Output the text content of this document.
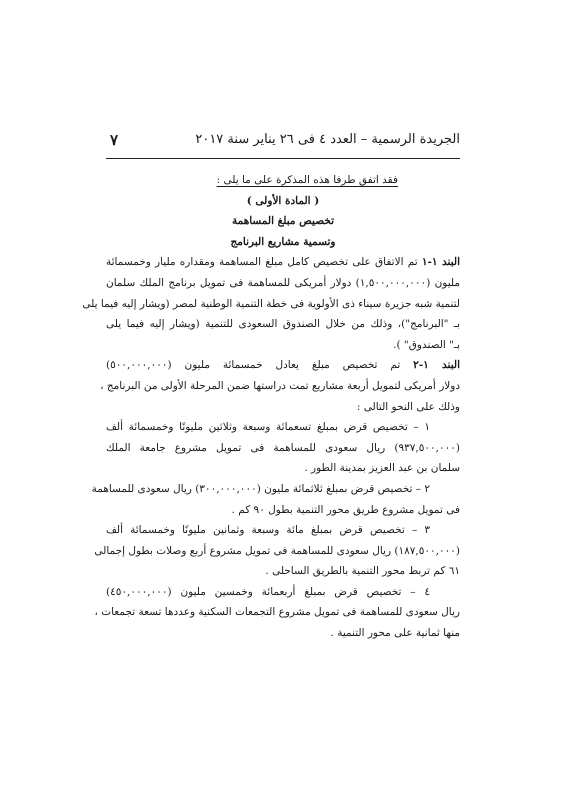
الجريدة الرسمية – العدد ٤ فى ٢٦ يناير سنة ٢٠١٧
٧
فقد اتفق طرفا هذه المذكرة على ما يلى :
( المادة الأولى )
تخصيص مبلغ المساهمة
وتسمية مشاريع البرنامج
البند ١-١ تم الاتفاق على تخصيص كامل مبلغ المساهمة ومقداره مليار وخمسمائة
مليون (١,٥٠٠,٠٠٠,٠٠٠) دولار أمريكى للمساهمة فى تمويل برنامج الملك سلمان
لتنمية شبه جزيرة سيناء ذى الأولوية فى خطة التنمية الوطنية لمصر (ويشار إليه فيما يلى
بـ "البرنامج")، وذلك من خلال الصندوق السعودى للتنمية (ويشار إليه فيما يلى
بـ" الصندوق" ).
البند ١-٢ تم تخصيص مبلغ يعادل خمسمائة مليون (٥٠٠,٠٠٠,٠٠٠)
دولار أمريكى لتمويل أربعة مشاريع تمت دراستها ضمن المرحلة الأولى من البرنامج ،
وذلك على النحو التالى :
١ – تخصيص قرض بمبلغ تسعمائة وسبعة وثلاثين مليونًا وخمسمائة ألف
(٩٣٧,٥٠٠,٠٠٠) ريال سعودى للمساهمة فى تمويل مشروع جامعة الملك
سلمان بن عبد العزيز بمدينة الطور .
٢ – تخصيص قرض بمبلغ ثلاثمائة مليون (٣٠٠,٠٠٠,٠٠٠) ريال سعودى للمساهمة
فى تمويل مشروع طريق محور التنمية بطول ٩٠ كم .
٣ – تخصيص قرض بمبلغ مائة وسبعة وثمانين مليونًا وخمسمائة ألف
(١٨٧,٥٠٠,٠٠٠) ريال سعودى للمساهمة فى تمويل مشروع أربع وصلات بطول إجمالى
٦١ كم تربط محور التنمية بالطريق الساحلى .
٤ – تخصيص قرض بمبلغ أربعمائة وخمسين مليون (٤٥٠,٠٠٠,٠٠٠)
ريال سعودى للمساهمة فى تمويل مشروع التجمعات السكنية وعددها تسعة تجمعات ،
منها ثمانية على محور التنمية .
